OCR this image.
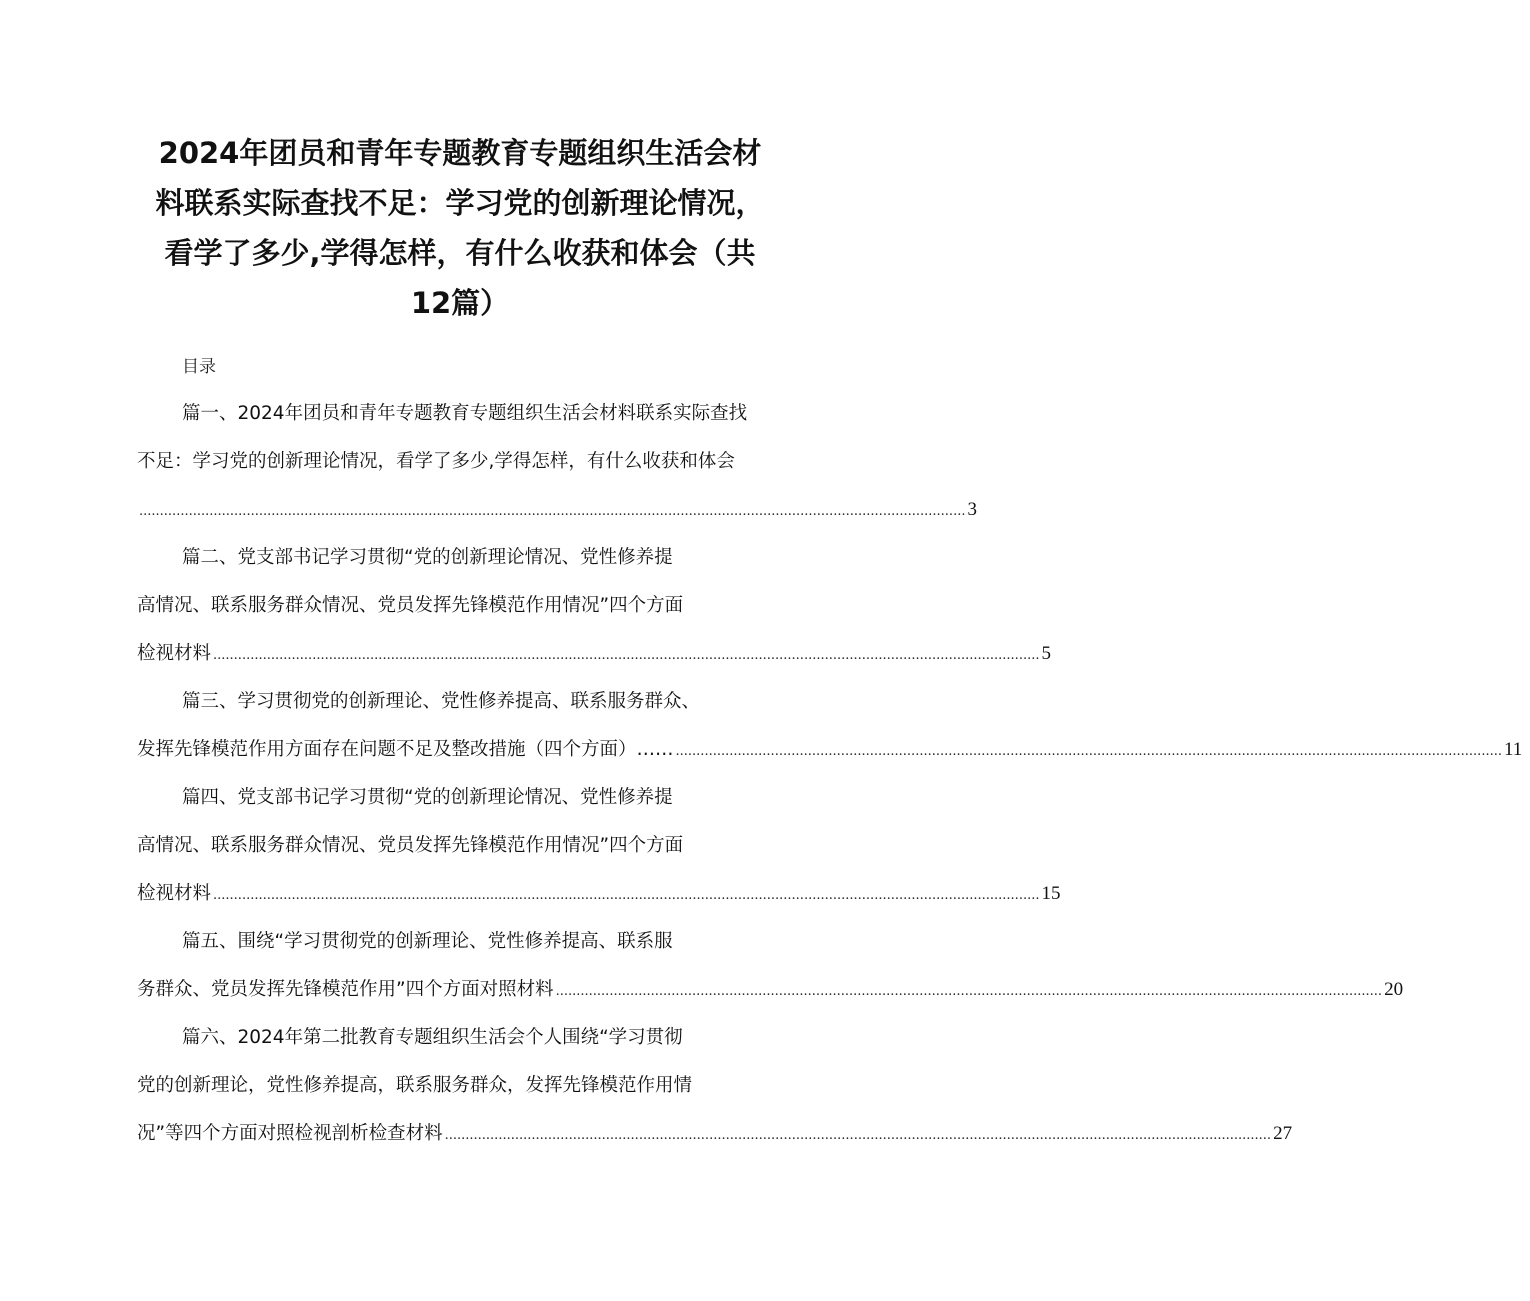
2024年团员和青年专题教育专题组织生活会材料联系实际查找不足：学习党的创新理论情况，看学了多少,学得怎样，有什么收获和体会（共12篇）
目录
篇一、2024年团员和青年专题教育专题组织生活会材料联系实际查找
不足：学习党的创新理论情况，看学了多少,学得怎样，有什么收获和体会
........................................................................................................................................................................................................ 3
篇二、党支部书记学习贯彻“党的创新理论情况、党性修养提
高情况、联系服务群众情况、党员发挥先锋模范作用情况”四个方面
检视材料 ........................................................................................................................................................................................................ 5
篇三、学习贯彻党的创新理论、党性修养提高、联系服务群众、
发挥先锋模范作用方面存在问题不足及整改措施（四个方面）…… ........................................................................................................................................................................................................ 11
篇四、党支部书记学习贯彻“党的创新理论情况、党性修养提
高情况、联系服务群众情况、党员发挥先锋模范作用情况”四个方面
检视材料 ........................................................................................................................................................................................................ 15
篇五、围绕“学习贯彻党的创新理论、党性修养提高、联系服
务群众、党员发挥先锋模范作用”四个方面对照材料 ........................................................................................................................................................................................................ 20
篇六、2024年第二批教育专题组织生活会个人围绕“学习贯彻
党的创新理论，党性修养提高，联系服务群众，发挥先锋模范作用情
况”等四个方面对照检视剖析检查材料 ........................................................................................................................................................................................................ 27
